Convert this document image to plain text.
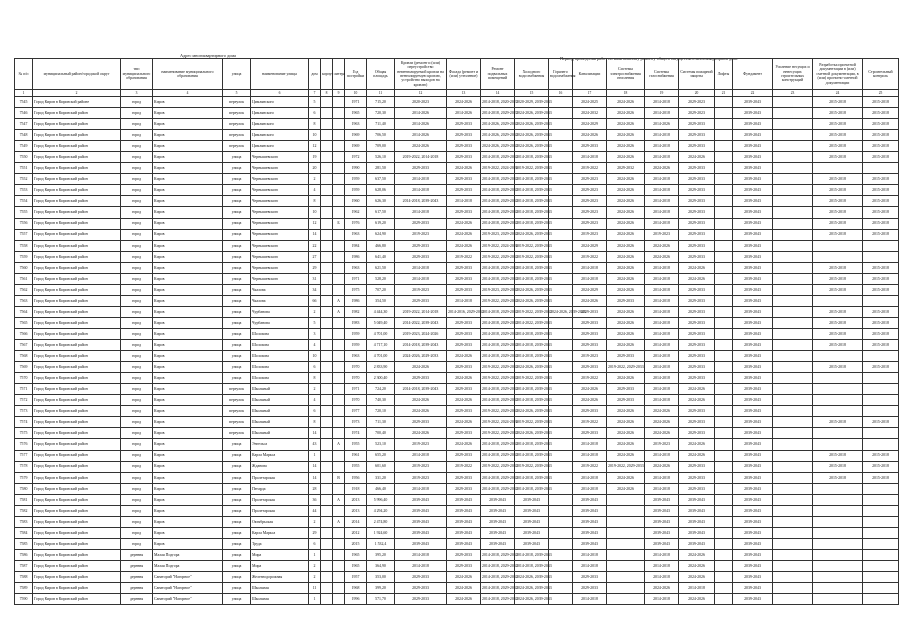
Адрес многоквартирного дома
Период проведения работ по капитальному ремонту общего имущества в многоквартирном доме
№ п/п	муниципальный район/городской округ	тип муниципального образования	наименование муниципального образования	улица	наименование улицы	дом	корпус	литера	Год постройки	Общая площадь	Кровли (ремонт и (или) переустройство невентилируемой кровли на вентилируемую кровлю, устройство выходов на кровлю)	Фасада (ремонт и (или) утепление)	Ремонт подвальных помещений	Холодного водоснабжения	Горячего водоснабжения	Канализации	Системы электроснабжения отопления	Системы газоснабжения	Системы пожарной защиты	Лифты	Фундамент	Усиление несущих и ненесущих строительных конструкций	Разработка проектной документации в (или) сметной документации, в (или) проектно-сметной документации	Строительный контроль
1	2	3	4	5	6	7	8	9	10	11	12	13	14	15	16	17	18	19	20	21	22	23	24	25
7545	Город Киров в Кировской районе	город	Киров	переулок	Цимлянского	5			1971	715,20	2020-2023	2024-2026	2014-2018, 2020-2023	2020-2029, 2039-2043		2024-2025	2024-2026	2014-2018	2029-2023		2039-2043		2015-2018	2015-2018
7546	Город Киров в Кировский район	город	Киров	переулок	Цимлянского	6			1965	720,30	2014-2026	2014-2026	2014-2018, 2029-2023	2024-2026, 2039-2043		2024-2032	2024-2026	2014-2018	2029-2023		2039-2043		2015-2018	2015-2018
7547	Город Киров в Кировский район	город	Киров	переулок	Цимлянского	8			1963	711,40	2014-2026	2029-2033	2014-2026, 2029-2033	2024-2026, 2039-2043		2024-2029	2024-2026	2014-2026	2029-2033		2039-2043		2015-2018	2015-2018
7548	Город Киров в Кировский район	город	Киров	переулок	Цимлянского	10			1969	706,50	2014-2026	2029-2033	2014-2026, 2029-2033	2024-2026, 2039-2043		2024-2026	2024-2026	2014-2018	2029-2033		2039-2043		2015-2018	2015-2018
7549	Город Киров в Кировский район	город	Киров	переулок	Цимлянского	12			1969	709,00	2024-2026	2029-2033	2024-2026, 2029-2033	2024-2026, 2039-2043		2029-2033	2024-2026	2014-2018	2029-2033		2039-2043		2015-2018	2015-2018
7550	Город Киров в Кировский район	город	Киров	улица	Чернышевского	19			1972	526,10	2019-2022, 2014-2018	2029-2033	2014-2018, 2029-2033	2014-2018, 2039-2043		2014-2018	2024-2026	2014-2018	2024-2026		2039-2043		2015-2018	2015-2018
7551	Город Киров в Кировский район	город	Киров	улица	Чернышевского	20			1990	281,50	2029-2033	2024-2026	2019-2022, 2024-2026	2019-2022, 2039-2043		2019-2022	2029-2032	2024-2026	2029-2033		2039-2043			
7552	Город Киров в Кировский район	город	Киров	улица	Чернышевского	2			1959	637,50	2014-2018	2029-2033	2014-2018, 2029-2033	2014-2018, 2039-2043		2029-2023	2024-2026	2014-2018	2029-2033		2039-2043		2015-2018	2015-2018
7553	Город Киров в Кировский район	город	Киров	улица	Чернышевского	4			1959	628,06	2014-2018	2029-2033	2014-2018, 2029-2033	2014-2018, 2039-2043		2029-2023	2024-2026	2014-2018	2029-2033		2039-2043		2015-2018	2015-2018
7554	Город Киров в Кировский район	город	Киров	улица	Чернышевского	8			1960	626,30	2014-2018, 2039-2043	2014-2018	2014-2018, 2029-2033	2014-2018, 2039-2043		2029-2023	2024-2026	2014-2018	2029-2033		2039-2043		2015-2018	2015-2018
7555	Город Киров в Кировский район	город	Киров	улица	Чернышевского	10			1962	617,50	2014-2018	2029-2033	2014-2018, 2029-2033	2014-2018, 2039-2043		2029-2023	2024-2026	2014-2018	2029-2033		2039-2043		2015-2018	2015-2018
7556	Город Киров в Кировский район	город	Киров	улица	Чернышевского	12		Б	1976	619,20	2029-2033	2024-2026	2014-2018, 2029-2033	2014-2018, 2039-2043		2029-2023	2024-2026	2014-2018	2029-2033		2039-2043		2015-2018	2015-2018
7557	Город Киров в Кировский район	город	Киров	улица	Чернышевского	14			1963	624,90	2019-2023	2024-2026	2019-2023, 2029-2033	2024-2026, 2039-2043		2019-2023	2024-2026	2019-2023	2029-2033		2039-2043		2015-2018	2015-2018
7558	Город Киров в Кировский район	город	Киров	улица	Чернышевского	22			1984	466,80	2029-2033	2024-2026	2019-2022, 2024-2026	2019-2022, 2039-2043		2024-2029	2024-2026	2024-2026	2029-2033		2039-2043			
7559	Город Киров в Кировский район	город	Киров	улица	Чернышевского	27			1986	641,40	2029-2033	2019-2022	2019-2022, 2029-2033	2019-2022, 2039-2043		2019-2022	2024-2026	2024-2026	2029-2033		2039-2043			
7560	Город Киров в Кировский район	город	Киров	улица	Чернышевского	29			1963	621,50	2014-2018	2029-2033	2014-2018, 2029-2033	2014-2018, 2039-2043		2014-2018	2024-2026	2014-2018	2024-2026		2039-2043		2015-2018	2015-2018
7561	Город Киров в Кировский район	город	Киров	улица	Чернышевского	31			1971	528,20	2014-2018	2029-2033	2014-2018, 2029-2033	2014-2018, 2039-2043		2014-2018	2024-2026	2014-2018	2024-2026		2039-2043		2015-2018	2015-2018
7562	Город Киров в Кировский район	город	Киров	улица	Чкалова	34			1975	707,20	2019-2023	2029-2033	2019-2023, 2029-2033	2024-2026, 2039-2043		2024-2029	2024-2026	2014-2018	2029-2033		2039-2043		2015-2018	2015-2018
7563	Город Киров в Кировский район	город	Киров	улица	Чкалова	66		А	1986	354,50	2029-2033	2014-2018	2019-2022, 2029-2033	2024-2026, 2039-2043		2024-2026	2029-2033	2014-2018	2029-2033		2039-2043			
7564	Город Киров в Кировский район	город	Киров	улица	Чурбанова	2		А	1982	4 444,30	2019-2022, 2014-2018	2014-2016, 2029-2033	2014-2018, 2029-2033	2019-2022, 2039-2043	2024-2026, 2039-2043	2029-2033	2024-2026	2014-2018	2029-2033		2039-2043		2015-2018	2015-2018
7565	Город Киров в Кировский район	город	Киров	улица	Чурбанова	5			1983	5 049,40	2014-2022, 2039-2043	2029-2033	2014-2018, 2029-2033	2014-2022, 2039-2043		2029-2033	2024-2026	2014-2018	2029-2033		2039-2043		2015-2018	2015-2018
7566	Город Киров в Кировский район	город	Киров	улица	Шолохова	3			1959	4 701,00	2019-2023, 2024-2026	2029-2033	2014-2018, 2029-2033	2014-2018, 2039-2043		2029-2033	2024-2026	2014-2018	2029-2033		2039-2043		2015-2018	2015-2018
7567	Город Киров в Кировский район	город	Киров	улица	Шолохова	4			1959	4 717,10	2014-2018, 2039-2043	2029-2033	2014-2018, 2029-2033	2014-2018, 2039-2043		2029-2033	2024-2026	2014-2018	2029-2033		2039-2043		2015-2018	2015-2018
7568	Город Киров в Кировский район	город	Киров	улица	Шолохова	10			1963	4 701,00	2024-2026, 2029-2033	2024-2026	2014-2018, 2029-2033	2014-2018, 2039-2043		2019-2023	2029-2033	2014-2018	2029-2033		2039-2043			
7569	Город Киров в Кировский район	город	Киров	улица	Шолохова	6			1970	2 833,90	2024-2026	2029-2033	2019-2022, 2029-2033	2024-2026, 2039-2043		2029-2033	2019-2022, 2029-2033	2014-2018	2029-2033		2039-2043		2015-2018	2015-2018
7570	Город Киров в Кировский район	город	Киров	улица	Шолохова	8			1970	2 300,40	2029-2033	2024-2026	2019-2022, 2029-2033	2019-2022, 2039-2043		2019-2022	2024-2026	2014-2018	2029-2033		2039-2043			
7571	Город Киров в Кировский район	город	Киров	переулок	Школьный	2			1971	724,20	2014-2018, 2039-2043	2029-2033	2014-2018, 2029-2033	2014-2018, 2039-2043		2024-2026	2029-2033	2014-2018	2024-2026		2039-2043			
7572	Город Киров в Кировский район	город	Киров	переулок	Школьный	4			1970	740,30	2024-2026	2024-2026	2014-2018, 2029-2033	2014-2018, 2039-2043		2024-2026	2029-2033	2014-2018	2024-2026		2039-2043			
7573	Город Киров в Кировский район	город	Киров	переулок	Школьный	6			1977	720,10	2024-2026	2029-2033	2019-2022, 2029-2033	2024-2026, 2039-2043		2029-2033	2024-2026	2024-2026	2029-2033		2039-2043			
7574	Город Киров в Кировский район	город	Киров	переулок	Школьный	8			1973	711,30	2029-2033	2024-2026	2019-2022, 2024-2026	2019-2022, 2039-2043		2019-2022	2024-2026	2024-2026	2029-2033		2039-2043		2015-2018	2015-2018
7575	Город Киров в Кировский район	город	Киров	переулок	Школьный	14			1974	700,40	2024-2026	2029-2033	2019-2022, 2029-2033	2024-2026, 2039-2043		2029-2033	2024-2026	2024-2026	2029-2033		2039-2043			
7576	Город Киров в Кировский район	город	Киров	улица	Энгельса	43		А	1955	523,10	2019-2023	2024-2026	2014-2018, 2029-2033	2014-2018, 2039-2043		2014-2018	2024-2026	2019-2023	2024-2026		2039-2043			
7577	Город Киров в Кировский район	город	Киров	улица	Карла Маркса	1			1961	655,20	2014-2018	2029-2033	2014-2018, 2029-2033	2014-2018, 2039-2043		2014-2018	2024-2026	2014-2018	2024-2026		2039-2043		2015-2018	2015-2018
7578	Город Киров в Кировский район	город	Киров	улица	Жданова	14			1955	601,60	2019-2023	2019-2022	2019-2022, 2029-2033	2019-2022, 2039-2043		2019-2022	2019-2022, 2029-2033	2024-2026	2029-2033		2039-2043		2015-2018	2015-2018
7579	Город Киров в Кировский район	город	Киров	улица	Пролетарская	14		В	1956	331,20	2019-2023	2029-2033	2014-2018, 2029-2033	2014-2018, 2039-2043		2014-2018	2024-2026	2014-2018	2029-2033		2039-2043		2015-2018	2015-2018
7580	Город Киров в Кировский район	город	Киров	улица	Пегарда	28			1918	466,40	2014-2018	2029-2033	2014-2018, 2029-2033	2014-2018, 2039-2043		2014-2018	2024-2026	2014-2018	2029-2033		2039-2043			
7581	Город Киров в Кировский район	город	Киров	улица	Пролетарская	36		А	2013	5 996,40	2039-2043	2039-2043	2039-2043	2039-2043		2039-2043		2039-2043	2039-2043		2039-2043			
7582	Город Киров в Кировский район	город	Киров	улица	Пролетарская	44			2013	4 294,20	2039-2043	2039-2043	2039-2043	2039-2043		2039-2043		2039-2043	2039-2043		2039-2043			
7583	Город Киров в Кировский район	город	Киров	улица	Октябрьская	2		А	2014	2 474,80	2039-2043	2039-2043	2039-2043	2039-2043		2039-2043		2039-2043	2039-2043		2039-2043			
7584	Город Киров в Кировский район	город	Киров	улица	Карла Маркса	29			2012	1 924,60	2039-2043	2039-2043	2039-2043	2039-2043		2039-2043		2039-2043	2039-2043		2039-2043			
7585	Город Киров в Кировский район	город	Киров	улица	Труда	6			2015	1 532,4	2039-2043	2039-2043	2039-2043	2039-2043		2039-2043		2039-2043	2039-2043		2039-2043			
7586	Город Киров в Кировский район	деревня	Малая Подгора	улица	Мира	1			1965	395,20	2014-2018	2029-2033	2014-2018, 2029-2033	2014-2018, 2039-2043		2014-2018		2014-2018	2024-2026		2039-2043			
7587	Город Киров в Кировский район	деревня	Малая Подгора	улица	Мира	2			1965	364,90	2014-2018	2029-2033	2014-2018, 2029-2033	2014-2018, 2039-2043		2014-2018		2014-2018	2024-2026		2039-2043			
7588	Город Киров в Кировский район	деревня	Санаторий "Нагорное"	улица	Железнодорожная	2			1957	353,00	2029-2033	2024-2026	2014-2018, 2029-2033	2024-2026, 2039-2043		2029-2033		2014-2018	2024-2026		2039-2043			
7589	Город Киров в Кировский район	деревня	Санаторий "Нагорное"	улица	Школьная	11			1968	399,20	2029-2033	2024-2026	2014-2018, 2029-2033	2024-2026, 2039-2043		2029-2033		2024-2026	2014-2018		2039-2043			
7590	Город Киров в Кировский район	деревня	Санаторий "Нагорное"	улица	Школьная	1			1996	571,70	2029-2033	2024-2026	2014-2018, 2029-2033	2024-2026, 2039-2043		2014-2018		2014-2018	2024-2026		2039-2043			
